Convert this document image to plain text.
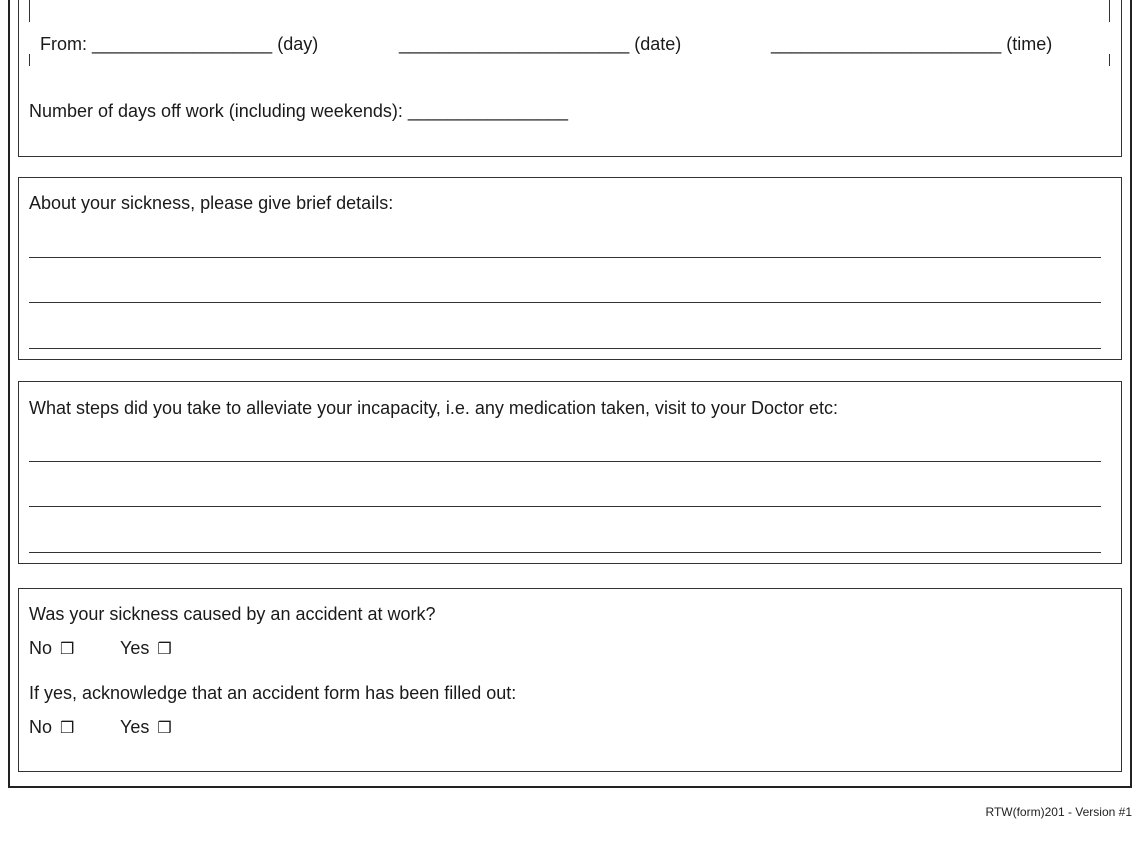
From: __________________ (day)	_______________________ (date)	_______________________ (time)
Number of days off work (including weekends): ________________
About your sickness, please give brief details:
What steps did you take to alleviate your incapacity, i.e. any medication taken, visit to your Doctor etc:
Was your sickness caused by an accident at work?
No ❒	Yes ❒
If yes, acknowledge that an accident form has been filled out:
No ❒	Yes ❒
RTW(form)201 - Version #1
